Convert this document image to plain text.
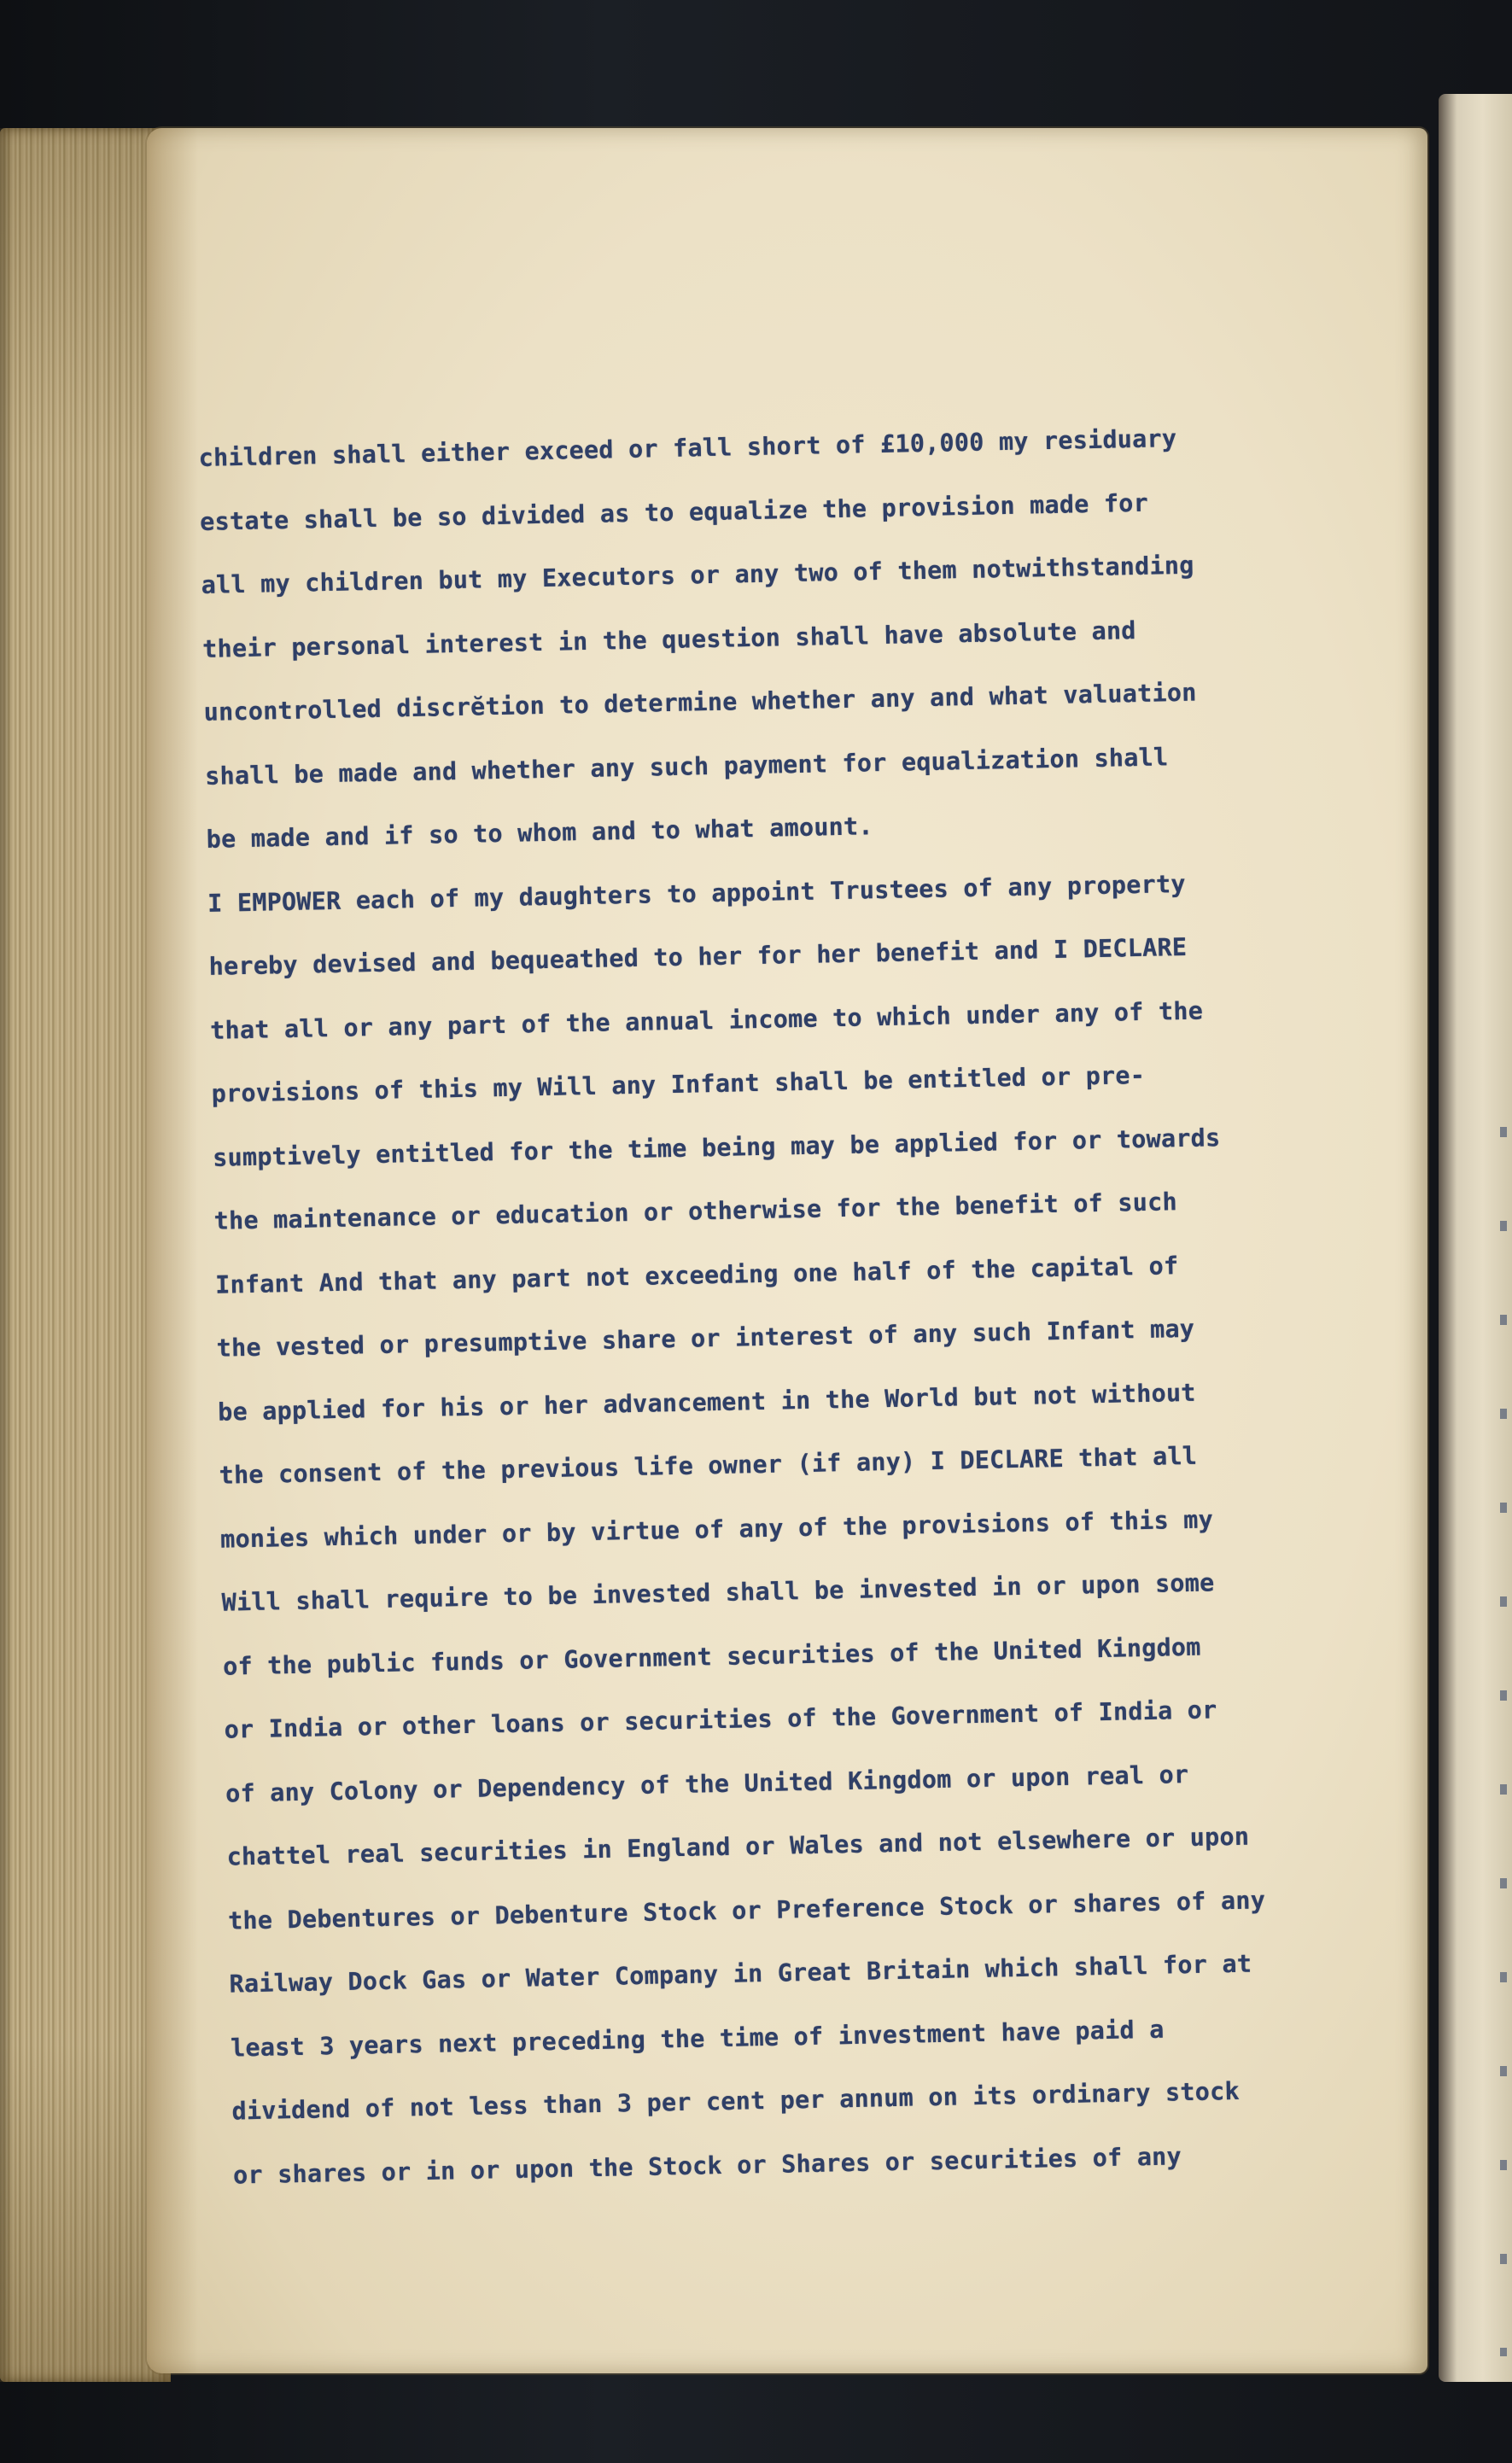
children shall either exceed or fall short of £10,000 my residuary
estate shall be so divided as to equalize the provision made for
all my children but my Executors or any two of them notwithstanding
their personal interest in the question shall have absolute and
uncontrolled discrĕtion to determine whether any and what valuation
shall be made and whether any such payment for equalization shall
be made and if so to whom and to what amount.
I EMPOWER each of my daughters to appoint Trustees of any property
hereby devised and bequeathed to her for her benefit and I DECLARE
that all or any part of the annual income to which under any of the
provisions of this my Will any Infant shall be entitled or pre-
sumptively entitled for the time being may be applied for or towards
the maintenance or education or otherwise for the benefit of such
Infant And that any part not exceeding one half of the capital of
the vested or presumptive share or interest of any such Infant may
be applied for his or her advancement in the World but not without
the consent of the previous life owner (if any) I DECLARE that all
monies which under or by virtue of any of the provisions of this my
Will shall require to be invested shall be invested in or upon some
of the public funds or Government securities of the United Kingdom
or India or other loans or securities of the Government of India or
of any Colony or Dependency of the United Kingdom or upon real or
chattel real securities in England or Wales and not elsewhere or upon
the Debentures or Debenture Stock or Preference Stock or shares of any
Railway Dock Gas or Water Company in Great Britain which shall for at
least 3 years next preceding the time of investment have paid a
dividend of not less than 3 per cent per annum on its ordinary stock
or shares or in or upon the Stock or Shares or securities of any
